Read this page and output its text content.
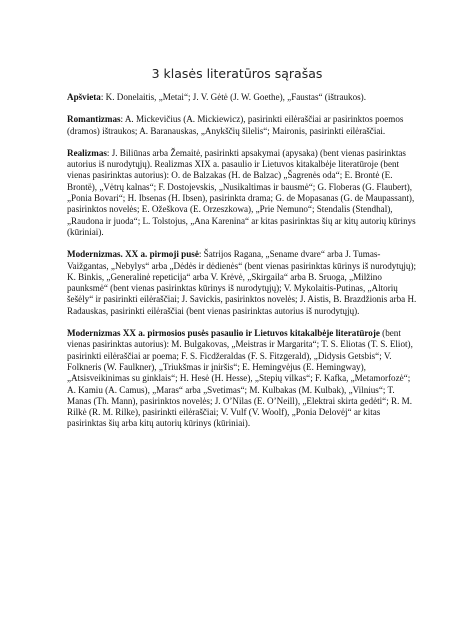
3 klasės literatūros sąrašas

Apšvieta: K. Donelaitis, „Metai“; J. V. Gėtė (J. W. Goethe), „Faustas“ (ištraukos).

Romantizmas: A. Mickevičius (A. Mickiewicz), pasirinkti eilėraščiai ar pasirinktos poemos (dramos) ištraukos; A. Baranauskas, „Anykščių šilelis“; Maironis, pasirinkti eilėraščiai.

Realizmas: J. Biliūnas arba Žemaitė, pasirinkti apsakymai (apysaka) (bent vienas pasirinktas autorius iš nurodytųjų). Realizmas XIX a. pasaulio ir Lietuvos kitakalbėje literatūroje (bent vienas pasirinktas autorius): O. de Balzakas (H. de Balzac) „Šagrenės oda“; E. Brontė (E. Brontë), „Vėtrų kalnas“; F. Dostojevskis, „Nusikaltimas ir bausmė“; G. Floberas (G. Flaubert), „Ponia Bovari“; H. Ibsenas (H. Ibsen), pasirinkta drama; G. de Mopasanas (G. de Maupassant), pasirinktos novelės; E. Ožeškova (E. Orzeszkowa), „Prie Nemuno“; Stendalis (Stendhal), „Raudona ir juoda“; L. Tolstojus, „Ana Karenina“ ar kitas pasirinktas šių ar kitų autorių kūrinys (kūriniai).

Modernizmas. XX a. pirmoji pusė: Šatrijos Ragana, „Sename dvare“ arba J. Tumas-Vaižgantas, „Nebylys“ arba „Dėdės ir dėdienės“ (bent vienas pasirinktas kūrinys iš nurodytųjų); K. Binkis, „Generalinė repeticija“ arba V. Krėvė, „Skirgaila“ arba B. Sruoga, „Milžino paunksmė“ (bent vienas pasirinktas kūrinys iš nurodytųjų); V. Mykolaitis-Putinas, „Altorių šešėly“ ir pasirinkti eilėraščiai; J. Savickis, pasirinktos novelės; J. Aistis, B. Brazdžionis arba H. Radauskas, pasirinkti eilėraščiai (bent vienas pasirinktas autorius iš nurodytųjų).

Modernizmas XX a. pirmosios pusės pasaulio ir Lietuvos kitakalbėje literatūroje (bent vienas pasirinktas autorius): M. Bulgakovas, „Meistras ir Margarita“; T. S. Eliotas (T. S. Eliot), pasirinkti eilėraščiai ar poema; F. S. Ficdžeraldas (F. S. Fitzgerald), „Didysis Getsbis“; V. Folkneris (W. Faulkner), „Triukšmas ir įniršis“; E. Hemingvėjus (E. Hemingway), „Atsisveikinimas su ginklais“; H. Hesė (H. Hesse), „Stepių vilkas“; F. Kafka, „Metamorfozė“; A. Kamiu (A. Camus), „Maras“ arba „Svetimas“; M. Kulbakas (M. Kulbak), „Vilnius“; T. Manas (Th. Mann), pasirinktos novelės; J. O’Nilas (E. O’Neill), „Elektrai skirta gedėti“; R. M. Rilkė (R. M. Rilke), pasirinkti eilėraščiai; V. Vulf (V. Woolf), „Ponia Delovėj“ ar kitas pasirinktas šių arba kitų autorių kūrinys (kūriniai).
